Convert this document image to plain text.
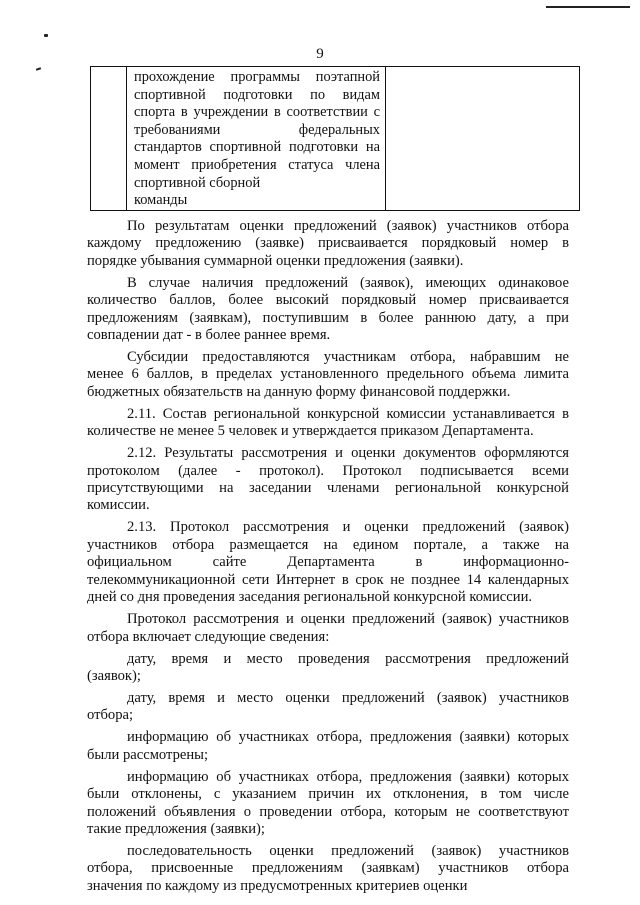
9

прохождение программы поэтапной
спортивной подготовки по видам
спорта в учреждении в соответствии с
требованиями федеральных
стандартов спортивной подготовки на
момент приобретения статуса члена
спортивной сборной
команды

По результатам оценки предложений (заявок) участников отбора
каждому предложению (заявке) присваивается порядковый номер в
порядке убывания суммарной оценки предложения (заявки).
В случае наличия предложений (заявок), имеющих одинаковое
количество баллов, более высокий порядковый номер присваивается
предложениям (заявкам), поступившим в более раннюю дату, а при
совпадении дат - в более раннее время.
Субсидии предоставляются участникам отбора, набравшим не
менее 6 баллов, в пределах установленного предельного объема лимита
бюджетных обязательств на данную форму финансовой поддержки.
2.11. Состав региональной конкурсной комиссии устанавливается в
количестве не менее 5 человек и утверждается приказом Департамента.
2.12. Результаты рассмотрения и оценки документов оформляются
протоколом (далее - протокол). Протокол подписывается всеми
присутствующими на заседании членами региональной конкурсной
комиссии.
2.13. Протокол рассмотрения и оценки предложений (заявок)
участников отбора размещается на едином портале, а также на
официальном сайте Департамента в информационно-
телекоммуникационной сети Интернет в срок не позднее 14 календарных
дней со дня проведения заседания региональной конкурсной комиссии.
Протокол рассмотрения и оценки предложений (заявок) участников
отбора включает следующие сведения:
дату, время и место проведения рассмотрения предложений
(заявок);
дату, время и место оценки предложений (заявок) участников
отбора;
информацию об участниках отбора, предложения (заявки) которых
были рассмотрены;
информацию об участниках отбора, предложения (заявки) которых
были отклонены, с указанием причин их отклонения, в том числе
положений объявления о проведении отбора, которым не соответствуют
такие предложения (заявки);
последовательность оценки предложений (заявок) участников
отбора, присвоенные предложениям (заявкам) участников отбора
значения по каждому из предусмотренных критериев оценки
